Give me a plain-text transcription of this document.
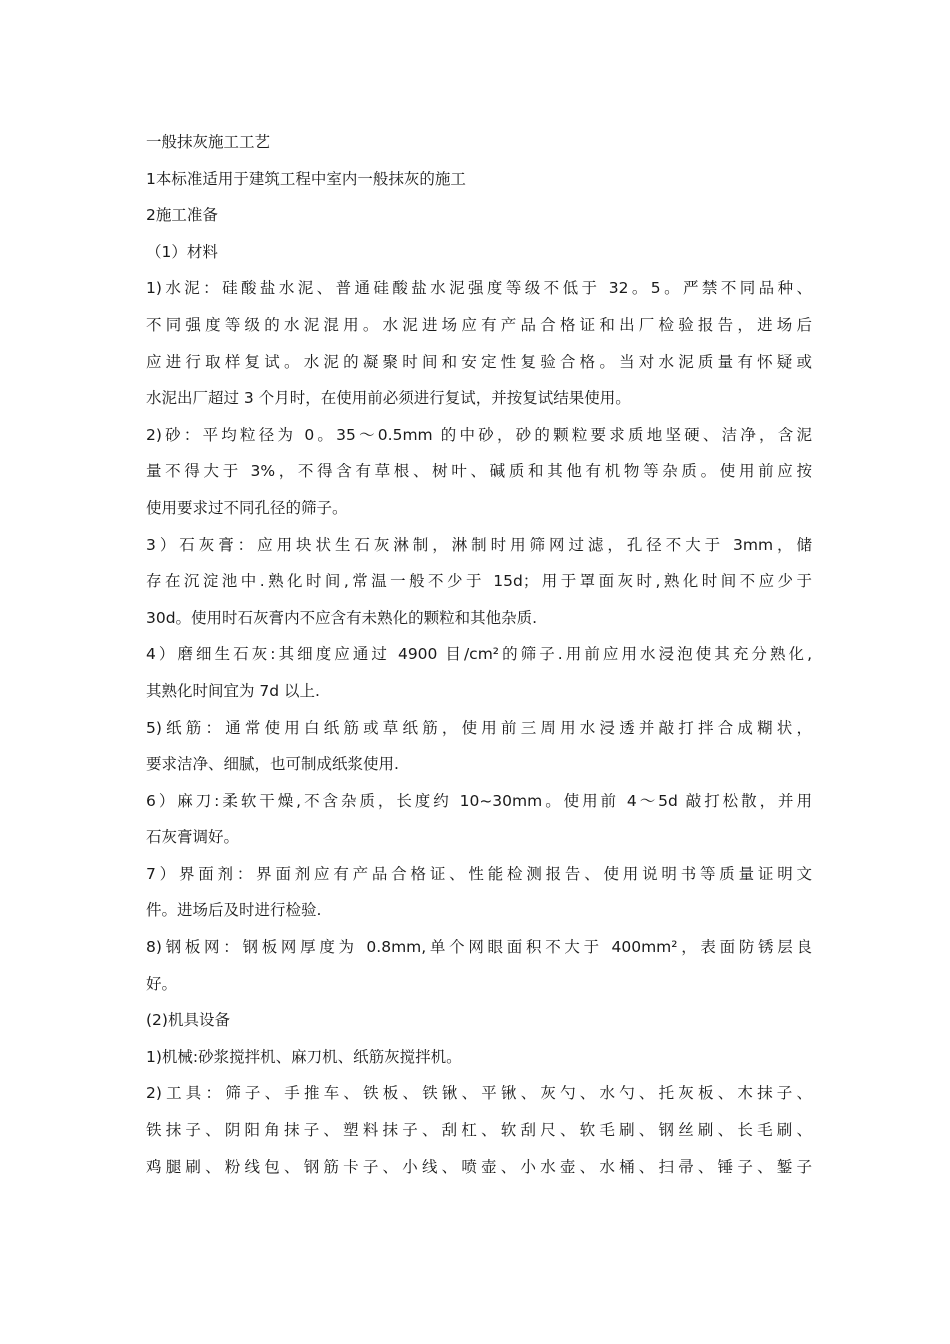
一般抹灰施工工艺
1本标准适用于建筑工程中室内一般抹灰的施工
2施工准备
（1）材料
1)水泥：硅酸盐水泥、普通硅酸盐水泥强度等级不低于 32。5。严禁不同品种、
不同强度等级的水泥混用。水泥进场应有产品合格证和出厂检验报告，进场后
应进行取样复试。水泥的凝聚时间和安定性复验合格。当对水泥质量有怀疑或
水泥出厂超过 3 个月时，在使用前必须进行复试，并按复试结果使用。
2)砂：平均粒径为 0。35～0.5mm 的中砂，砂的颗粒要求质地坚硬、洁净，含泥
量不得大于 3%，不得含有草根、树叶、碱质和其他有机物等杂质。使用前应按
使用要求过不同孔径的筛子。
3）石灰膏：应用块状生石灰淋制，淋制时用筛网过滤，孔径不大于 3mm，储
存在沉淀池中.熟化时间,常温一般不少于 15d；用于罩面灰时,熟化时间不应少于
30d。使用时石灰膏内不应含有未熟化的颗粒和其他杂质.
4）磨细生石灰:其细度应通过 4900 目/cm²的筛子.用前应用水浸泡使其充分熟化,
其熟化时间宜为 7d 以上.
5)纸筋：通常使用白纸筋或草纸筋，使用前三周用水浸透并敲打拌合成糊状，
要求洁净、细腻，也可制成纸浆使用.
6）麻刀:柔软干燥,不含杂质，长度约 10~30mm。使用前 4～5d 敲打松散，并用
石灰膏调好。
7）界面剂：界面剂应有产品合格证、性能检测报告、使用说明书等质量证明文
件。进场后及时进行检验.
8)钢板网：钢板网厚度为 0.8mm,单个网眼面积不大于 400mm²，表面防锈层良
好。
(2)机具设备
1)机械:砂浆搅拌机、麻刀机、纸筋灰搅拌机。
2)工具：筛子、手推车、铁板、铁锹、平锹、灰勺、水勺、托灰板、木抹子、
铁抹子、阴阳角抹子、塑料抹子、刮杠、软刮尺、软毛刷、钢丝刷、长毛刷、
鸡腿刷、粉线包、钢筋卡子、小线、喷壶、小水壶、水桶、扫帚、锤子、錾子
